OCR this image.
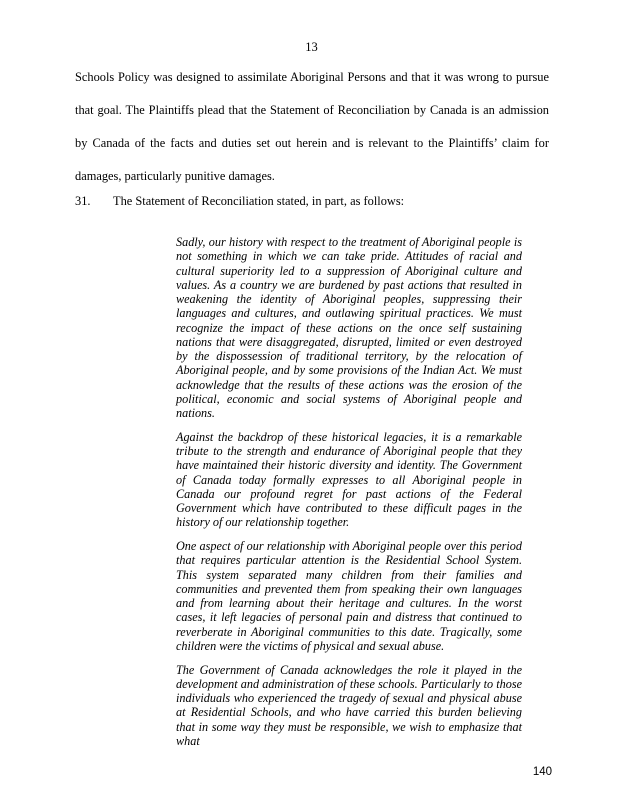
13

Schools Policy was designed to assimilate Aboriginal Persons and that it was wrong to pursue that goal. The Plaintiffs plead that the Statement of Reconciliation by Canada is an admission by Canada of the facts and duties set out herein and is relevant to the Plaintiffs’ claim for damages, particularly punitive damages.

31. The Statement of Reconciliation stated, in part, as follows:

Sadly, our history with respect to the treatment of Aboriginal people is not something in which we can take pride. Attitudes of racial and cultural superiority led to a suppression of Aboriginal culture and values. As a country we are burdened by past actions that resulted in weakening the identity of Aboriginal peoples, suppressing their languages and cultures, and outlawing spiritual practices. We must recognize the impact of these actions on the once self sustaining nations that were disaggregated, disrupted, limited or even destroyed by the dispossession of traditional territory, by the relocation of Aboriginal people, and by some provisions of the Indian Act. We must acknowledge that the results of these actions was the erosion of the political, economic and social systems of Aboriginal people and nations.

Against the backdrop of these historical legacies, it is a remarkable tribute to the strength and endurance of Aboriginal people that they have maintained their historic diversity and identity. The Government of Canada today formally expresses to all Aboriginal people in Canada our profound regret for past actions of the Federal Government which have contributed to these difficult pages in the history of our relationship together.

One aspect of our relationship with Aboriginal people over this period that requires particular attention is the Residential School System. This system separated many children from their families and communities and prevented them from speaking their own languages and from learning about their heritage and cultures. In the worst cases, it left legacies of personal pain and distress that continued to reverberate in Aboriginal communities to this date. Tragically, some children were the victims of physical and sexual abuse.

The Government of Canada acknowledges the role it played in the development and administration of these schools. Particularly to those individuals who experienced the tragedy of sexual and physical abuse at Residential Schools, and who have carried this burden believing that in some way they must be responsible, we wish to emphasize that what

140
